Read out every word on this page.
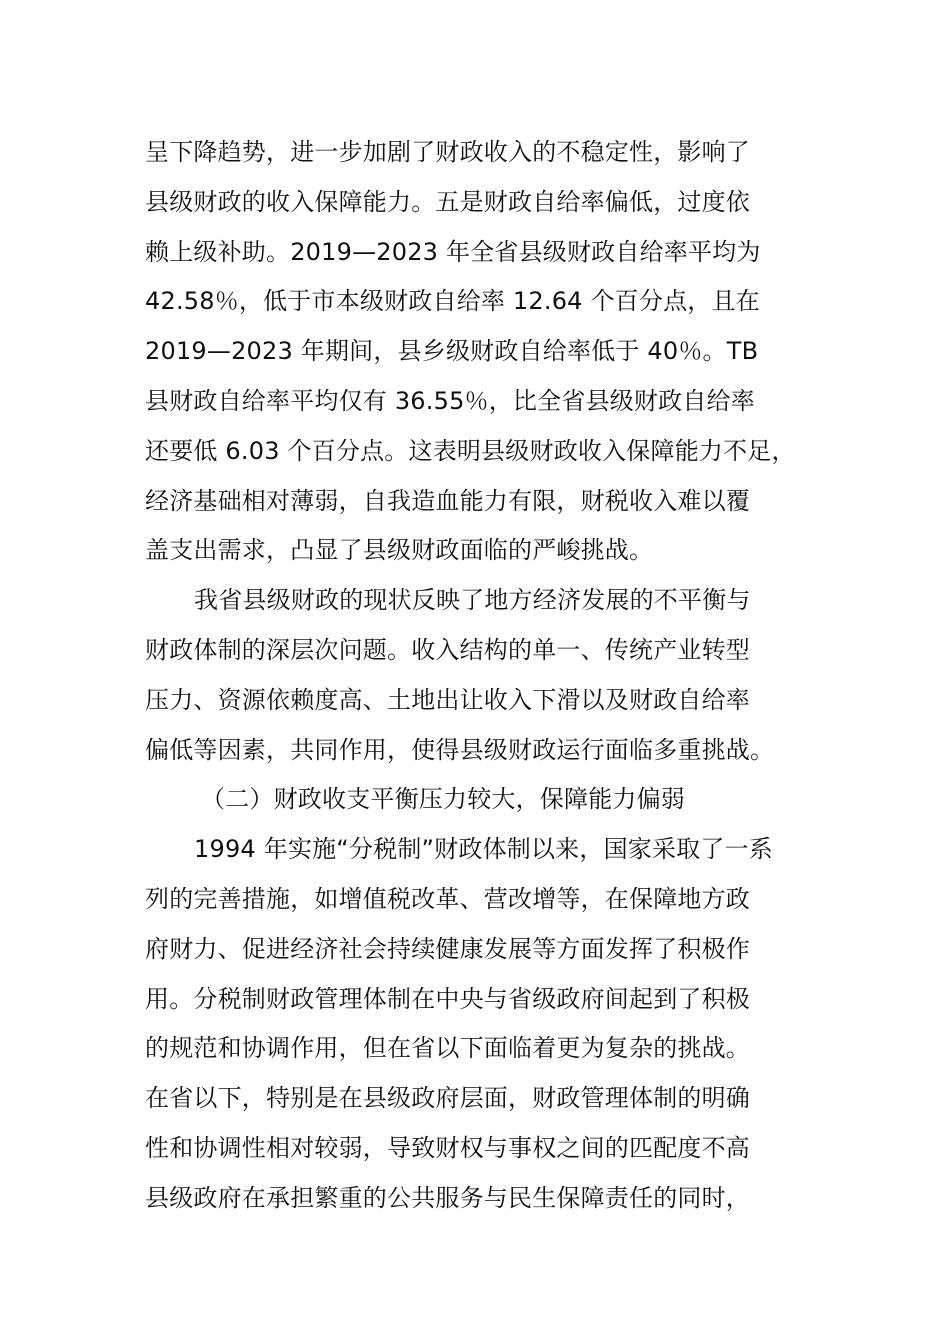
呈下降趋势，进一步加剧了财政收入的不稳定性，影响了
县级财政的收入保障能力。五是财政自给率偏低，过度依
赖上级补助。2019—2023 年全省县级财政自给率平均为
42.58％，低于市本级财政自给率 12.64 个百分点，且在
2019—2023 年期间，县乡级财政自给率低于 40％。TB
县财政自给率平均仅有 36.55％，比全省县级财政自给率
还要低 6.03 个百分点。这表明县级财政收入保障能力不足，
经济基础相对薄弱，自我造血能力有限，财税收入难以覆
盖支出需求，凸显了县级财政面临的严峻挑战。
我省县级财政的现状反映了地方经济发展的不平衡与
财政体制的深层次问题。收入结构的单一、传统产业转型
压力、资源依赖度高、土地出让收入下滑以及财政自给率
偏低等因素，共同作用，使得县级财政运行面临多重挑战。
（二）财政收支平衡压力较大，保障能力偏弱
1994 年实施“分税制”财政体制以来，国家采取了一系
列的完善措施，如增值税改革、营改增等，在保障地方政
府财力、促进经济社会持续健康发展等方面发挥了积极作
用。分税制财政管理体制在中央与省级政府间起到了积极
的规范和协调作用，但在省以下面临着更为复杂的挑战。
在省以下，特别是在县级政府层面，财政管理体制的明确
性和协调性相对较弱，导致财权与事权之间的匹配度不高
县级政府在承担繁重的公共服务与民生保障责任的同时，
